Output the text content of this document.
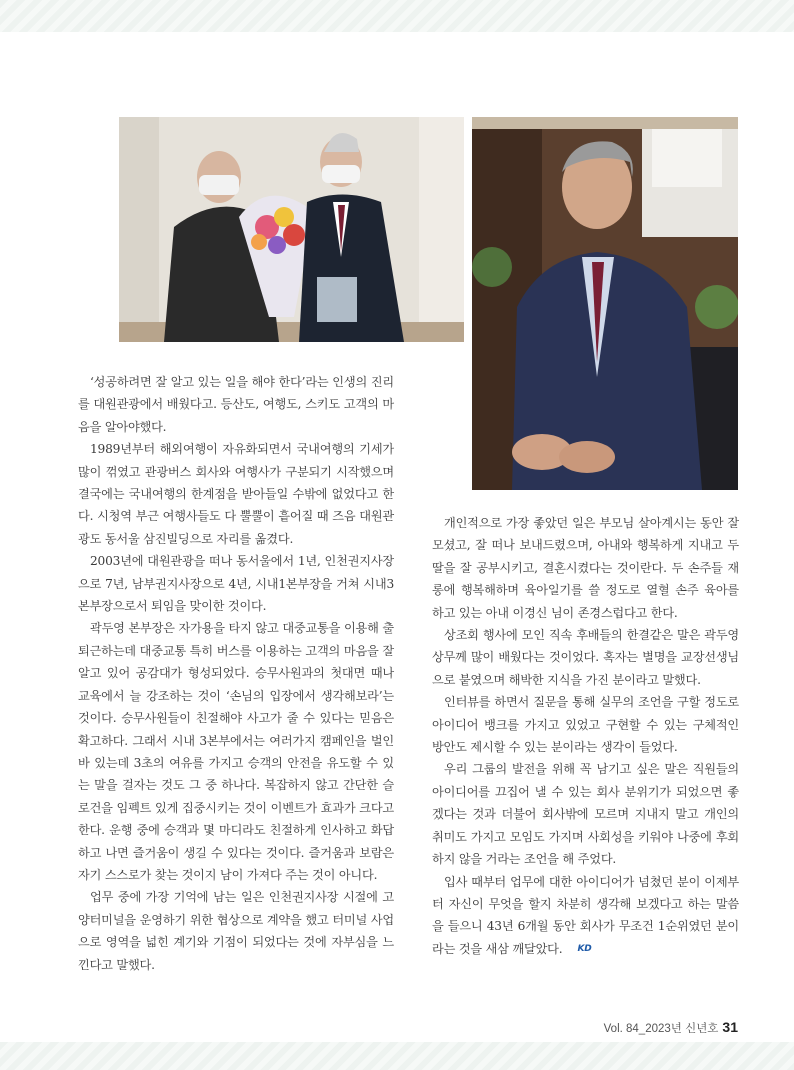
‘성공하려면 잘 알고 있는 일을 해야 한다’라는 인생의 진리를 대원관광에서 배웠다고. 등산도, 여행도, 스키도 고객의 마음을 알아야했다.

1989년부터 해외여행이 자유화되면서 국내여행의 기세가 많이 꺾였고 관광버스 회사와 여행사가 구분되기 시작했으며 결국에는 국내여행의 한계점을 받아들일 수밖에 없었다고 한다. 시청역 부근 여행사들도 다 뿔뿔이 흩어질 때 즈음 대원관광도 동서울 삼진빌딩으로 자리를 옮겼다.

2003년에 대원관광을 떠나 동서울에서 1년, 인천권지사장으로 7년, 남부권지사장으로 4년, 시내1본부장을 거쳐 시내3본부장으로서 퇴임을 맞이한 것이다.

곽두영 본부장은 자가용을 타지 않고 대중교통을 이용해 출퇴근하는데 대중교통 특히 버스를 이용하는 고객의 마음을 잘 알고 있어 공감대가 형성되었다. 승무사원과의 첫대면 때나 교육에서 늘 강조하는 것이 ‘손님의 입장에서 생각해보라’는 것이다. 승무사원들이 친절해야 사고가 줄 수 있다는 믿음은 확고하다. 그래서 시내 3본부에서는 여러가지 캠페인을 벌인바 있는데 3초의 여유를 가지고 승객의 안전을 유도할 수 있는 말을 걸자는 것도 그 중 하나다. 복잡하지 않고 간단한 슬로건을 임펙트 있게 집중시키는 것이 이벤트가 효과가 크다고 한다. 운행 중에 승객과 몇 마디라도 친절하게 인사하고 화답하고 나면 즐거움이 생길 수 있다는 것이다. 즐거움과 보람은 자기 스스로가 찾는 것이지 남이 가져다 주는 것이 아니다.

업무 중에 가장 기억에 남는 일은 인천권지사장 시절에 고양터미널을 운영하기 위한 협상으로 계약을 했고 터미널 사업으로 영역을 넓힌 계기와 기점이 되었다는 것에 자부심을 느낀다고 말했다.

개인적으로 가장 좋았던 일은 부모님 살아계시는 동안 잘 모셨고, 잘 떠나 보내드렸으며, 아내와 행복하게 지내고 두 딸을 잘 공부시키고, 결혼시켰다는 것이란다. 두 손주들 재롱에 행복해하며 육아일기를 쓸 정도로 열혈 손주 육아를 하고 있는 아내 이경신 님이 존경스럽다고 한다.

상조회 행사에 모인 직속 후배들의 한결같은 말은 곽두영 상무께 많이 배웠다는 것이었다. 혹자는 별명을 교장선생님으로 붙였으며 해박한 지식을 가진 분이라고 말했다.

인터뷰를 하면서 질문을 통해 실무의 조언을 구할 정도로 아이디어 뱅크를 가지고 있었고 구현할 수 있는 구체적인 방안도 제시할 수 있는 분이라는 생각이 들었다.

우리 그룹의 발전을 위해 꼭 남기고 싶은 말은 직원들의 아이디어를 끄집어 낼 수 있는 회사 분위기가 되었으면 좋겠다는 것과 더불어 회사밖에 모르며 지내지 말고 개인의 취미도 가지고 모임도 가지며 사회성을 키워야 나중에 후회하지 않을 거라는 조언을 해 주었다.

입사 때부터 업무에 대한 아이디어가 넘쳤던 분이 이제부터 자신이 무엇을 할지 차분히 생각해 보겠다고 하는 말씀을 들으니 43년 6개월 동안 회사가 무조건 1순위였던 분이라는 것을 새삼 깨달았다. KD

Vol. 84_2023년 신년호 31
